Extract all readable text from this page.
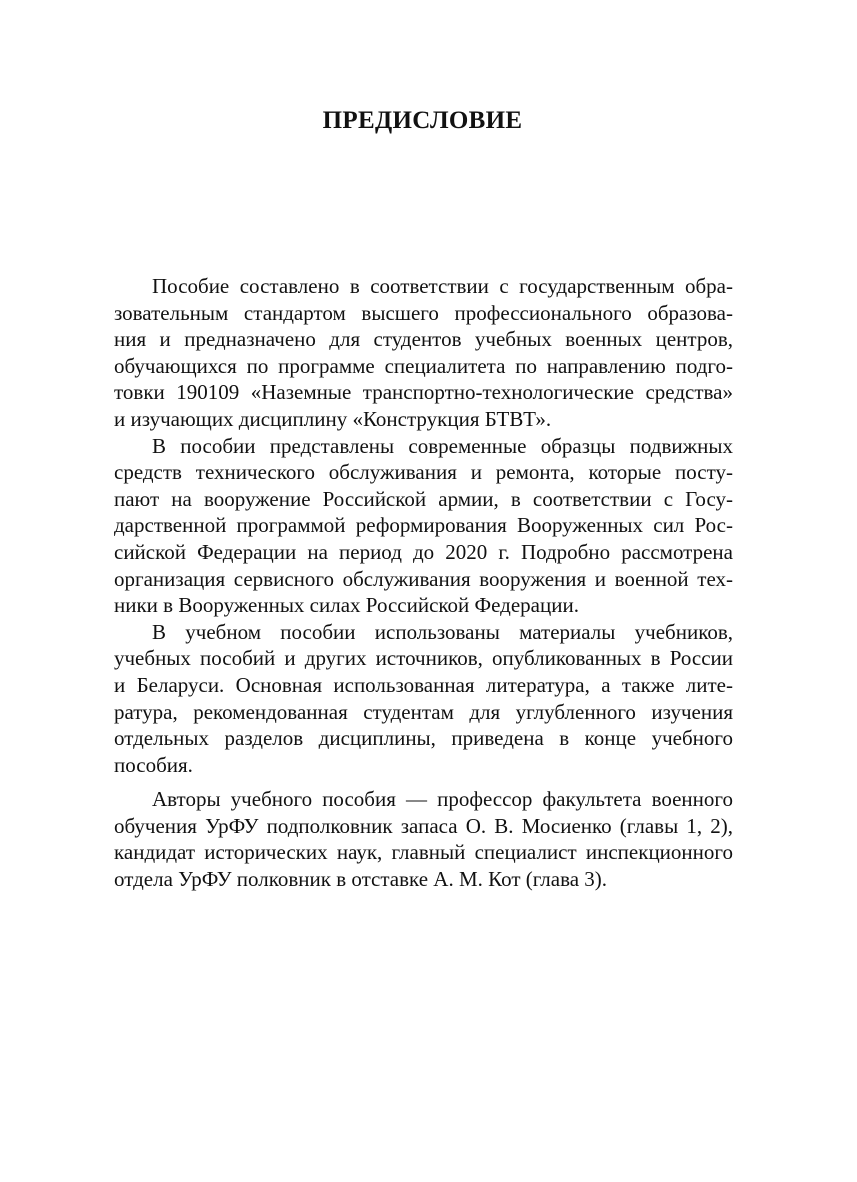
ПРЕДИСЛОВИЕ

Пособие составлено в соответствии с государственным обра-
зовательным стандартом высшего профессионального образова-
ния и предназначено для студентов учебных военных центров,
обучающихся по программе специалитета по направлению подго-
товки 190109 «Наземные транспортно-технологические средства»
и изучающих дисциплину «Конструкция БТВТ».

В пособии представлены современные образцы подвижных
средств технического обслуживания и ремонта, которые посту-
пают на вооружение Российской армии, в соответствии с Госу-
дарственной программой реформирования Вооруженных сил Рос-
сийской Федерации на период до 2020 г. Подробно рассмотрена
организация сервисного обслуживания вооружения и военной тех-
ники в Вооруженных силах Российской Федерации.

В учебном пособии использованы материалы учебников,
учебных пособий и других источников, опубликованных в России
и Беларуси. Основная использованная литература, а также лите-
ратура, рекомендованная студентам для углубленного изучения
отдельных разделов дисциплины, приведена в конце учебного
пособия.

Авторы учебного пособия — профессор факультета военного
обучения УрФУ подполковник запаса О. В. Мосиенко (главы 1, 2),
кандидат исторических наук, главный специалист инспекционного
отдела УрФУ полковник в отставке А. М. Кот (глава 3).
